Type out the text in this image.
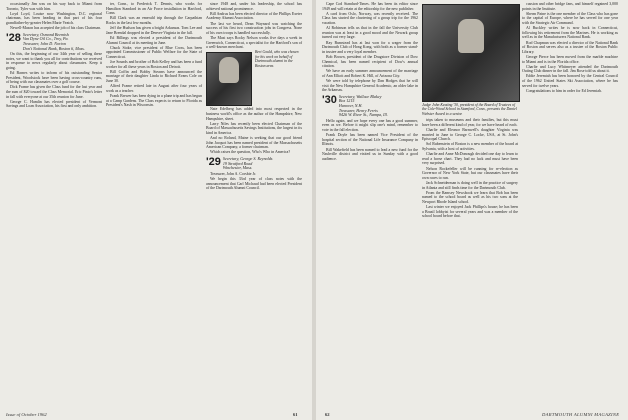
occasionally Jim was on his way back to Miami from Toronto, Tyler was with him.

Loyd Loyd, Louise now Washington, D.C. regional chairman, has been heading in that part of his four grandfather-by-greater Helen Marie Veatch.

Newell-Mason has accepted the job of his class Chairman.

'28 Secretary, Osmond Beemish
Van Dyne Oil Co., Troy, Pa.
Treasurer, John D. Norton
Don't National Bank, Boston 6, Mass.

On this, the beginning of our 34th year of selling these notes, we want to thank you all for contributions we received in response to news regularly about classmates. Keep it going.

Ed Barnes writes to inform of his outstanding Senior President, Woodstock have been having cross-country runs, of being with our classmates over a golf course.

Dick Frame has given the Class fund for the last year and the sum of $20 toward the Class Memorial. Eric Pinto's letter in fall with everyone at our 35th reunion for June.

George C. Hamlin has elected president of Vermont Savings and Loan Association, his first and only ambition.

ter, Conn., to Frederick T. Dennis, who works for Hamilton Standard in an Air Force installation in Hartford, Conn.

Bill Clark was an emerald trip through the Carpathian Rocks in the last few months.

Jeff the Hudson has given a bright Arkansas. Tom Lee and Jane Brendal dropped in the Denver-Virginia in the fall.

Ed Billings was elected a president of the Dartmouth Alumni Council at its meeting in June.

Chuck Stoke, vice president of Blue Cross, has been appointed Commissioner of Public Welfare for the State of Connecticut.

Joe Sounds and brother of Bob Kelley and has been a fund worker for all these years in Boston and Detroit.

Bill Coffin and Bobby Stearns have announced the marriage of their daughter Linda to Richard Evans Cole on June 30.

Alfred Frame retired late in August after four years of work as a teacher.

Frank Brewer has been dying in a plane trip and has begun at a Camp Gardens. The Class expects to return to Florida as President's Nash in Wisconsin.

since 1948 and, under his leadership, the school has achieved national prominence.

Bill Andrus has been elected director of the Phillips Exeter Academy Alumni Association.

The last we heard, Dean Waynard was watching the success of his first two construction jobs in Congress. None of his own troops is handled successfully.

The Mast says Rocky Nelson works five days a week in Greenwich, Connecticut, a specialist for the Hartford's son of a well-known merchant.

Bert Gould, who was chosen for his work on behalf of Dartmouth alumni in the Boston area.

Nate Edelberg has added into most respected in the business world's office as the author of the Hampshire, New Hampshire, sheet.

Larry Niles has recently been elected Chairman of the Board of Massachusetts Savings Institutions, the largest in its kind in America.

And no Roland, Maine is seeking that our good friend John Jacquot has been named president of the Massachusetts American Company, a former chairman.

Which raises the question, Who's Who in America?

'29 Secretary, George S. Reynolds
19 Stratford Road
Winchester, Mass.

Treasurer, John A. Corsbie Jr.

We begin this 33rd year of class notes with the announcement that Carl Michaud had been elected President of the Dartmouth Alumni Council.

Issue of October 1962	61

Cape Cod Standard-Times. He has been its editor since 1949 and will retain at the editorship for the new publisher.

A card from Oslo, Norway, was recently received. The Class has started the chartering of a group trip for the 1962 vacation.

Al Robinson tells us that in the fall the University Club reunion was at least in a good mood and the Newark group turned out very large.

Ray Bumstead has at last won for a wager from the Dartmouth Club of Hong Kong, with both as a former stand-in trustee and a very loyal member.

Bob Brown, president of the Drugstore Division of Dow Chemical, has been named recipient of Dow's annual citation.

We have an early summer announcement of the marriage of Ann Elliott and Robert K. Hill, of Arizona City.

We were told by telephone by Dan Hodges that he will visit the New Hampshire General Academic, an older lake in the Arkansas.

'30 Secretary, Wallace Blakey
Box 1215
Hanover, N.H.
Treasurer, Henry Ferris
9426 W. River St., Nampa, Ill.

Hello again, and we hope every one has a good summer, even as we. Before it might slip one's mind, remember to vote in the fall election.

Frank Doyle has been named Vice President of the hospital section of the National Life Insurance Company in Illinois.

Bill Wakefield has been named to lead a new fund for the Nashville district and visited us in Sunday with a good audience.

Judge John Keating '30, president of the Board of Trustees of the Cole-Wood School in Stamford, Conn., presents the Daniel Webster Award to a senior.

trips taken to museums and their families, but this must have been a different kind of year, for we have heard of each.

Charlie and Eleanor Barnwell's daughter Virginia was married in June to George C. Locke, USA, at St. John's Episcopal Church.

Sol Rubenstein of Boston is a new member of the board at Sylvania, with a host of activities.

Charlie and Anne McDonough decided one day to learn to read a horse chart. They had no luck and must have been very surprised.

Nelson Rockefeller will be running for re-election as Governor of New York State, but our classmates have their own races to run.

Jack Schneiderman is doing well in the practice of surgery in Atlanta and still finds time for the Dartmouth Club.

From the Ramsey Newsbook we learn that Bob has been named to the school board as well as his two sons at the Newport Rhode Island school.

Last winter we enjoyed Jack Phillips's house; he has been a Brazil lobbyist for several years and was a member of the school board before that.

cussion and other bridge fans, and himself regained 3,000 points in the Institute.

Sherm Paine is the one member of the Class who has gone to the capital of Europe, where he has served for one year with the Strategic Air Command.

Al Buckley writes he is now back in Connecticut, following his retirement from the Marines. He is working as well as in the Manufacturers National Bank.

Rod Chapman was elected a director of the National Bank of Boston and serves also as a trustee of the Boston Public Library.

George Pierce has been moved from the marble machine to Miami and is in the Florida office.

Charlie and Lucy Whitmeyer attended the Dartmouth Outing Club dinner in the fall. Jim Rose told us about it.

Eddie Jeremiah has been honored by the Central Council of the 1962 United States Ski Association, where he has served for twelve years.

Congratulations to him in order for Ed Jeremiah.

62	DARTMOUTH ALUMNI MAGAZINE
